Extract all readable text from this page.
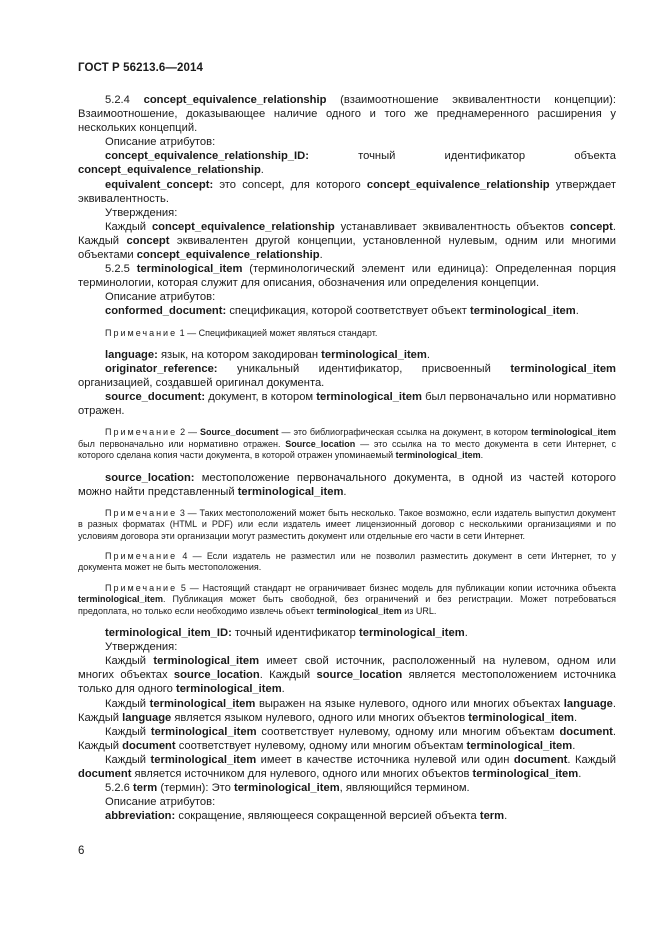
ГОСТ Р 56213.6—2014

5.2.4 concept_equivalence_relationship (взаимоотношение эквивалентности концепции): Взаимоотношение, доказывающее наличие одного и того же преднамеренного расширения у нескольких концепций.

Описание атрибутов:

concept_equivalence_relationship_ID: точный идентификатор объекта concept_equivalence_relationship.

equivalent_concept: это concept, для которого concept_equivalence_relationship утверждает эквивалентность.

Утверждения:

Каждый concept_equivalence_relationship устанавливает эквивалентность объектов concept. Каждый concept эквивалентен другой концепции, установленной нулевым, одним или многими объектами concept_equivalence_relationship.

5.2.5 terminological_item (терминологический элемент или единица): Определенная порция терминологии, которая служит для описания, обозначения или определения концепции.

Описание атрибутов:

conformed_document: спецификация, которой соответствует объект terminological_item.

Примечание 1 — Спецификацией может являться стандарт.

language: язык, на котором закодирован terminological_item.

originator_reference: уникальный идентификатор, присвоенный terminological_item организацией, создавшей оригинал документа.

source_document: документ, в котором terminological_item был первоначально или нормативно отражен.

Примечание 2 — Source_document — это библиографическая ссылка на документ, в котором terminological_item был первоначально или нормативно отражен. Source_location — это ссылка на то место документа в сети Интернет, с которого сделана копия части документа, в которой отражен упоминаемый terminological_item.

source_location: местоположение первоначального документа, в одной из частей которого можно найти представленный terminological_item.

Примечание 3 — Таких местоположений может быть несколько. Такое возможно, если издатель выпустил документ в разных форматах (HTML и PDF) или если издатель имеет лицензионный договор с несколькими организациями и по условиям договора эти организации могут разместить документ или отдельные его части в сети Интернет.

Примечание 4 — Если издатель не разместил или не позволил разместить документ в сети Интернет, то у документа может не быть местоположения.

Примечание 5 — Настоящий стандарт не ограничивает бизнес модель для публикации копии источника объекта terminological_item. Публикация может быть свободной, без ограничений и без регистрации. Может потребоваться предоплата, но только если необходимо извлечь объект terminological_item из URL.

terminological_item_ID: точный идентификатор terminological_item.

Утверждения:

Каждый terminological_item имеет свой источник, расположенный на нулевом, одном или многих объектах source_location. Каждый source_location является местоположением источника только для одного terminological_item.

Каждый terminological_item выражен на языке нулевого, одного или многих объектах language. Каждый language является языком нулевого, одного или многих объектов terminological_item.

Каждый terminological_item соответствует нулевому, одному или многим объектам document. Каждый document соответствует нулевому, одному или многим объектам terminological_item.

Каждый terminological_item имеет в качестве источника нулевой или один document. Каждый document является источником для нулевого, одного или многих объектов terminological_item.

5.2.6 term (термин): Это terminological_item, являющийся термином.

Описание атрибутов:

abbreviation: сокращение, являющееся сокращенной версией объекта term.

6
